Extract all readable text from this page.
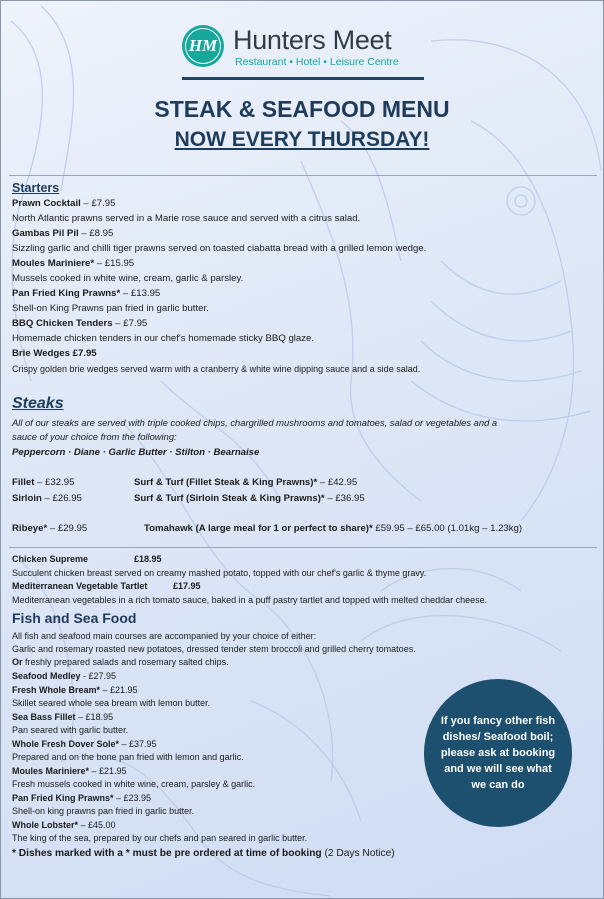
HM Hunters Meet
Restaurant • Hotel • Leisure Centre
STEAK & SEAFOOD MENU
NOW EVERY THURSDAY!
Starters
Prawn Cocktail – £7.95
North Atlantic prawns served in a Marie rose sauce and served with a citrus salad.
Gambas Pil Pil – £8.95
Sizzling garlic and chilli tiger prawns served on toasted ciabatta bread with a grilled lemon wedge.
Moules Mariniere* – £15.95
Mussels cooked in white wine, cream, garlic & parsley.
Pan Fried King Prawns* – £13.95
Shell-on King Prawns pan fried in garlic butter.
BBQ Chicken Tenders – £7.95
Homemade chicken tenders in our chef's homemade sticky BBQ glaze.
Brie Wedges £7.95
Crispy golden brie wedges served warm with a cranberry & white wine dipping sauce and a side salad.
Steaks
All of our steaks are served with triple cooked chips, chargrilled mushrooms and tomatoes, salad or vegetables and a
sauce of your choice from the following:
Peppercorn · Diane · Garlic Butter · Stilton · Bearnaise
Fillet – £32.95	Surf & Turf (Fillet Steak & King Prawns)* – £42.95
Sirloin – £26.95	Surf & Turf (Sirloin Steak & King Prawns)* – £36.95
Ribeye* – £29.95	Tomahawk (A large meal for 1 or perfect to share)* £59.95 – £65.00 (1.01kg – 1.23kg)
Chicken Supreme	£18.95
Succulent chicken breast served on creamy mashed potato, topped with our chef's garlic & thyme gravy.
Mediterranean Vegetable Tartlet	£17.95
Mediterranean vegetables in a rich tomato sauce, baked in a puff pastry tartlet and topped with melted cheddar cheese.
Fish and Sea Food
All fish and seafood main courses are accompanied by your choice of either:
Garlic and rosemary roasted new potatoes, dressed tender stem broccoli and grilled cherry tomatoes.
Or freshly prepared salads and rosemary salted chips.
Seafood Medley - £27.95
Fresh Whole Bream* – £21.95
Skillet seared whole sea bream with lemon butter.
Sea Bass Fillet – £18.95
Pan seared with garlic butter.
Whole Fresh Dover Sole* – £37.95
Prepared and on the bone pan fried with lemon and garlic.
Moules Mariniere* – £21.95
Fresh mussels cooked in white wine, cream, parsley & garlic.
Pan Fried King Prawns* – £23.95
Shell-on king prawns pan fried in garlic butter.
Whole Lobster* – £45.00
The king of the sea, prepared by our chefs and pan seared in garlic butter.
* Dishes marked with a * must be pre ordered at time of booking (2 Days Notice)
If you fancy other fish dishes/ Seafood boil; please ask at booking and we will see what we can do
